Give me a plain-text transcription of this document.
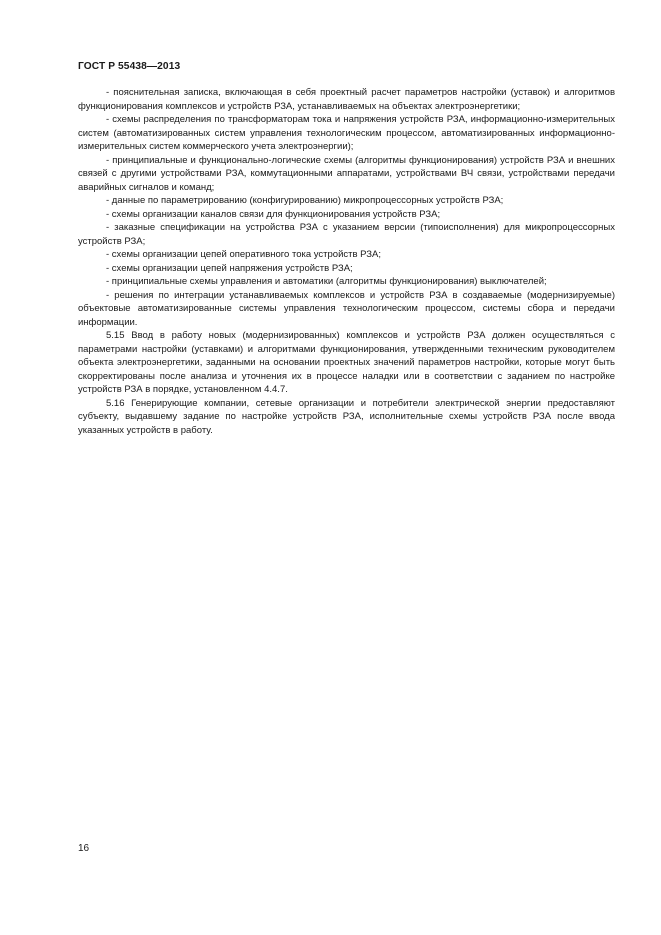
ГОСТ Р 55438—2013

- пояснительная записка, включающая в себя проектный расчет параметров настройки (уставок) и алгоритмов функционирования комплексов и устройств РЗА, устанавливаемых на объектах электроэнергетики;

- схемы распределения по трансформаторам тока и напряжения устройств РЗА, информационно-измерительных систем (автоматизированных систем управления технологическим процессом, автоматизированных информационно-измерительных систем коммерческого учета электроэнергии);

- принципиальные и функционально-логические схемы (алгоритмы функционирования) устройств РЗА и внешних связей с другими устройствами РЗА, коммутационными аппаратами, устройствами ВЧ связи, устройствами передачи аварийных сигналов и команд;

- данные по параметрированию (конфигурированию) микропроцессорных устройств РЗА;

- схемы организации каналов связи для функционирования устройств РЗА;

- заказные спецификации на устройства РЗА с указанием версии (типоисполнения) для микропроцессорных устройств РЗА;

- схемы организации цепей оперативного тока устройств РЗА;

- схемы организации цепей напряжения устройств РЗА;

- принципиальные схемы управления и автоматики (алгоритмы функционирования) выключателей;

- решения по интеграции устанавливаемых комплексов и устройств РЗА в создаваемые (модернизируемые) объектовые автоматизированные системы управления технологическим процессом, системы сбора и передачи информации.

5.15 Ввод в работу новых (модернизированных) комплексов и устройств РЗА должен осуществляться с параметрами настройки (уставками) и алгоритмами функционирования, утвержденными техническим руководителем объекта электроэнергетики, заданными на основании проектных значений параметров настройки, которые могут быть скорректированы после анализа и уточнения их в процессе наладки или в соответствии с заданием по настройке устройств РЗА в порядке, установленном 4.4.7.

5.16 Генерирующие компании, сетевые организации и потребители электрической энергии предоставляют субъекту, выдавшему задание по настройке устройств РЗА, исполнительные схемы устройств РЗА после ввода указанных устройств в работу.

16
